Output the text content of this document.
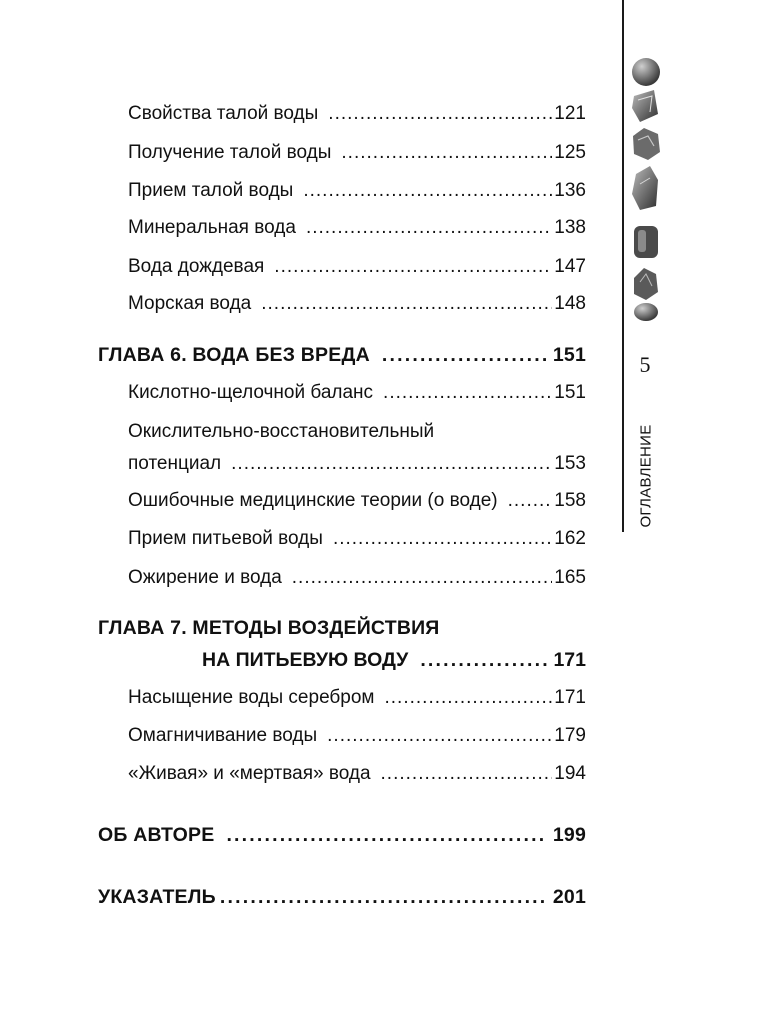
Свойства талой воды .....	121
Получение талой воды .....	125
Прием талой воды .....	136
Минеральная вода .....	138
Вода дождевая .....	147
Морская вода .....	148
ГЛАВА 6. ВОДА БЕЗ ВРЕДА .....	151
Кислотно-щелочной баланс .....	151
Окислительно-восстановительный
потенциал .....	153
Ошибочные медицинские теории (о воде) .....	158
Прием питьевой воды .....	162
Ожирение и вода .....	165
ГЛАВА 7. МЕТОДЫ ВОЗДЕЙСТВИЯ
НА ПИТЬЕВУЮ ВОДУ .....	171
Насыщение воды серебром .....	171
Омагничивание воды .....	179
«Живая» и «мертвая» вода .....	194
ОБ АВТОРЕ .....	199
УКАЗАТЕЛЬ .....	201
5
ОГЛАВЛЕНИЕ
